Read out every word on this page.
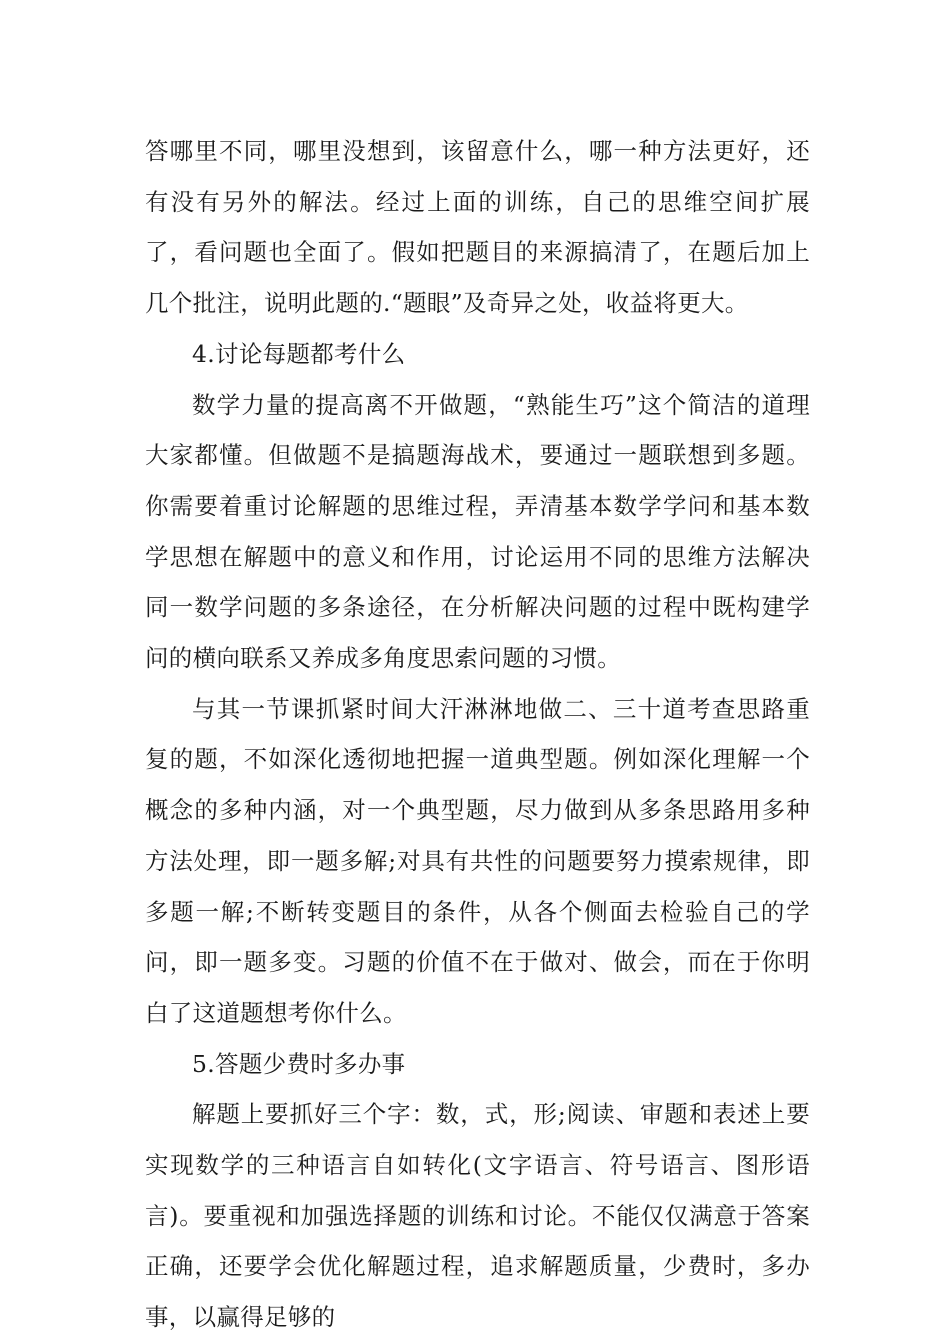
答哪里不同，哪里没想到，该留意什么，哪一种方法更好，还有没有另外的解法。经过上面的训练，自己的思维空间扩展了，看问题也全面了。假如把题目的来源搞清了，在题后加上几个批注，说明此题的.“题眼”及奇异之处，收益将更大。

4.讨论每题都考什么

数学力量的提高离不开做题，“熟能生巧”这个简洁的道理大家都懂。但做题不是搞题海战术，要通过一题联想到多题。你需要着重讨论解题的思维过程，弄清基本数学学问和基本数学思想在解题中的意义和作用，讨论运用不同的思维方法解决同一数学问题的多条途径，在分析解决问题的过程中既构建学问的横向联系又养成多角度思索问题的习惯。

与其一节课抓紧时间大汗淋淋地做二、三十道考查思路重复的题，不如深化透彻地把握一道典型题。例如深化理解一个概念的多种内涵，对一个典型题，尽力做到从多条思路用多种方法处理，即一题多解;对具有共性的问题要努力摸索规律，即多题一解;不断转变题目的条件，从各个侧面去检验自己的学问，即一题多变。习题的价值不在于做对、做会，而在于你明白了这道题想考你什么。

5.答题少费时多办事

解题上要抓好三个字：数，式，形;阅读、审题和表述上要实现数学的三种语言自如转化(文字语言、符号语言、图形语言)。要重视和加强选择题的训练和讨论。不能仅仅满意于答案正确，还要学会优化解题过程，追求解题质量，少费时，多办事，以赢得足够的
